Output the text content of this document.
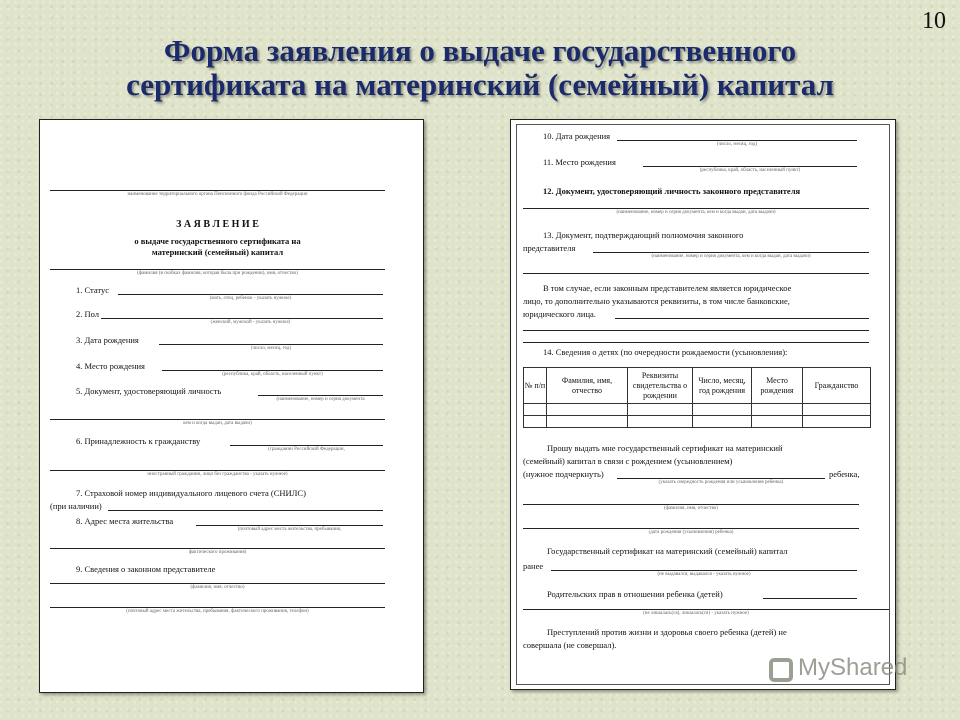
10
Форма заявления о выдаче государственного
сертификата на материнский (семейный) капитал
наименование территориального органа Пенсионного фонда Российской Федерации
З А Я В Л Е Н И Е
о выдаче государственного сертификата на
материнский (семейный) капитал
(фамилия (в скобках фамилия, которая была при рождении), имя, отчество)
1. Статус
(мать, отец, ребенок - указать нужное)
2. Пол
(женский, мужской - указать нужное)
3. Дата рождения
(число, месяц, год)
4. Место рождения
(республика, край, область, населенный пункт)
5. Документ, удостоверяющий личность
(наименование, номер и серия документа
кем и когда выдан, дата выдачи)
6. Принадлежность к гражданству
(гражданин Российской Федерации,
иностранный гражданин, лицо без гражданства - указать нужное)
7. Страховой номер индивидуального лицевого счета (СНИЛС)
(при наличии)
8. Адрес места жительства
(почтовый адрес места жительства, пребывания,
фактического проживания)
9. Сведения о законном представителе
(фамилия, имя, отчество)
(почтовый адрес места жительства, пребывания, фактического проживания, телефон)
10. Дата рождения
(число, месяц, год)
11. Место рождения
(республика, край, область, населенный пункт)
12. Документ, удостоверяющий личность законного представителя
(наименование, номер и серия документа, кем и когда выдан, дата выдачи)
13. Документ, подтверждающий полномочия законного
представителя
(наименование, номер и серия документа, кем и когда выдан, дата выдачи)
В том случае, если законным представителем является юридическое
лицо, то дополнительно указываются реквизиты, в том числе банковские,
юридического лица.
14. Сведения о детях (по очередности рождаемости (усыновления):
№ п/п	Фамилия, имя, отчество	Реквизиты свидетельства о рождении	Число, месяц, год рождения	Место рождения	Гражданство

Прошу выдать мне государственный сертификат на материнский
(семейный) капитал в связи с рождением (усыновлением)
(нужное подчеркнуть)	ребенка,
(указать очередность рождения или усыновления ребенка)
(фамилия, имя, отчество)
(дата рождения (усыновления) ребенка)
Государственный сертификат на материнский (семейный) капитал
ранее
(не выдавался, выдавался - указать нужное)
Родительских прав в отношении ребенка (детей)
(не лишалась(ся), лишалась(ся) - указать нужное)
Преступлений против жизни и здоровья своего ребенка (детей) не
совершала (не совершал).
MyShared
